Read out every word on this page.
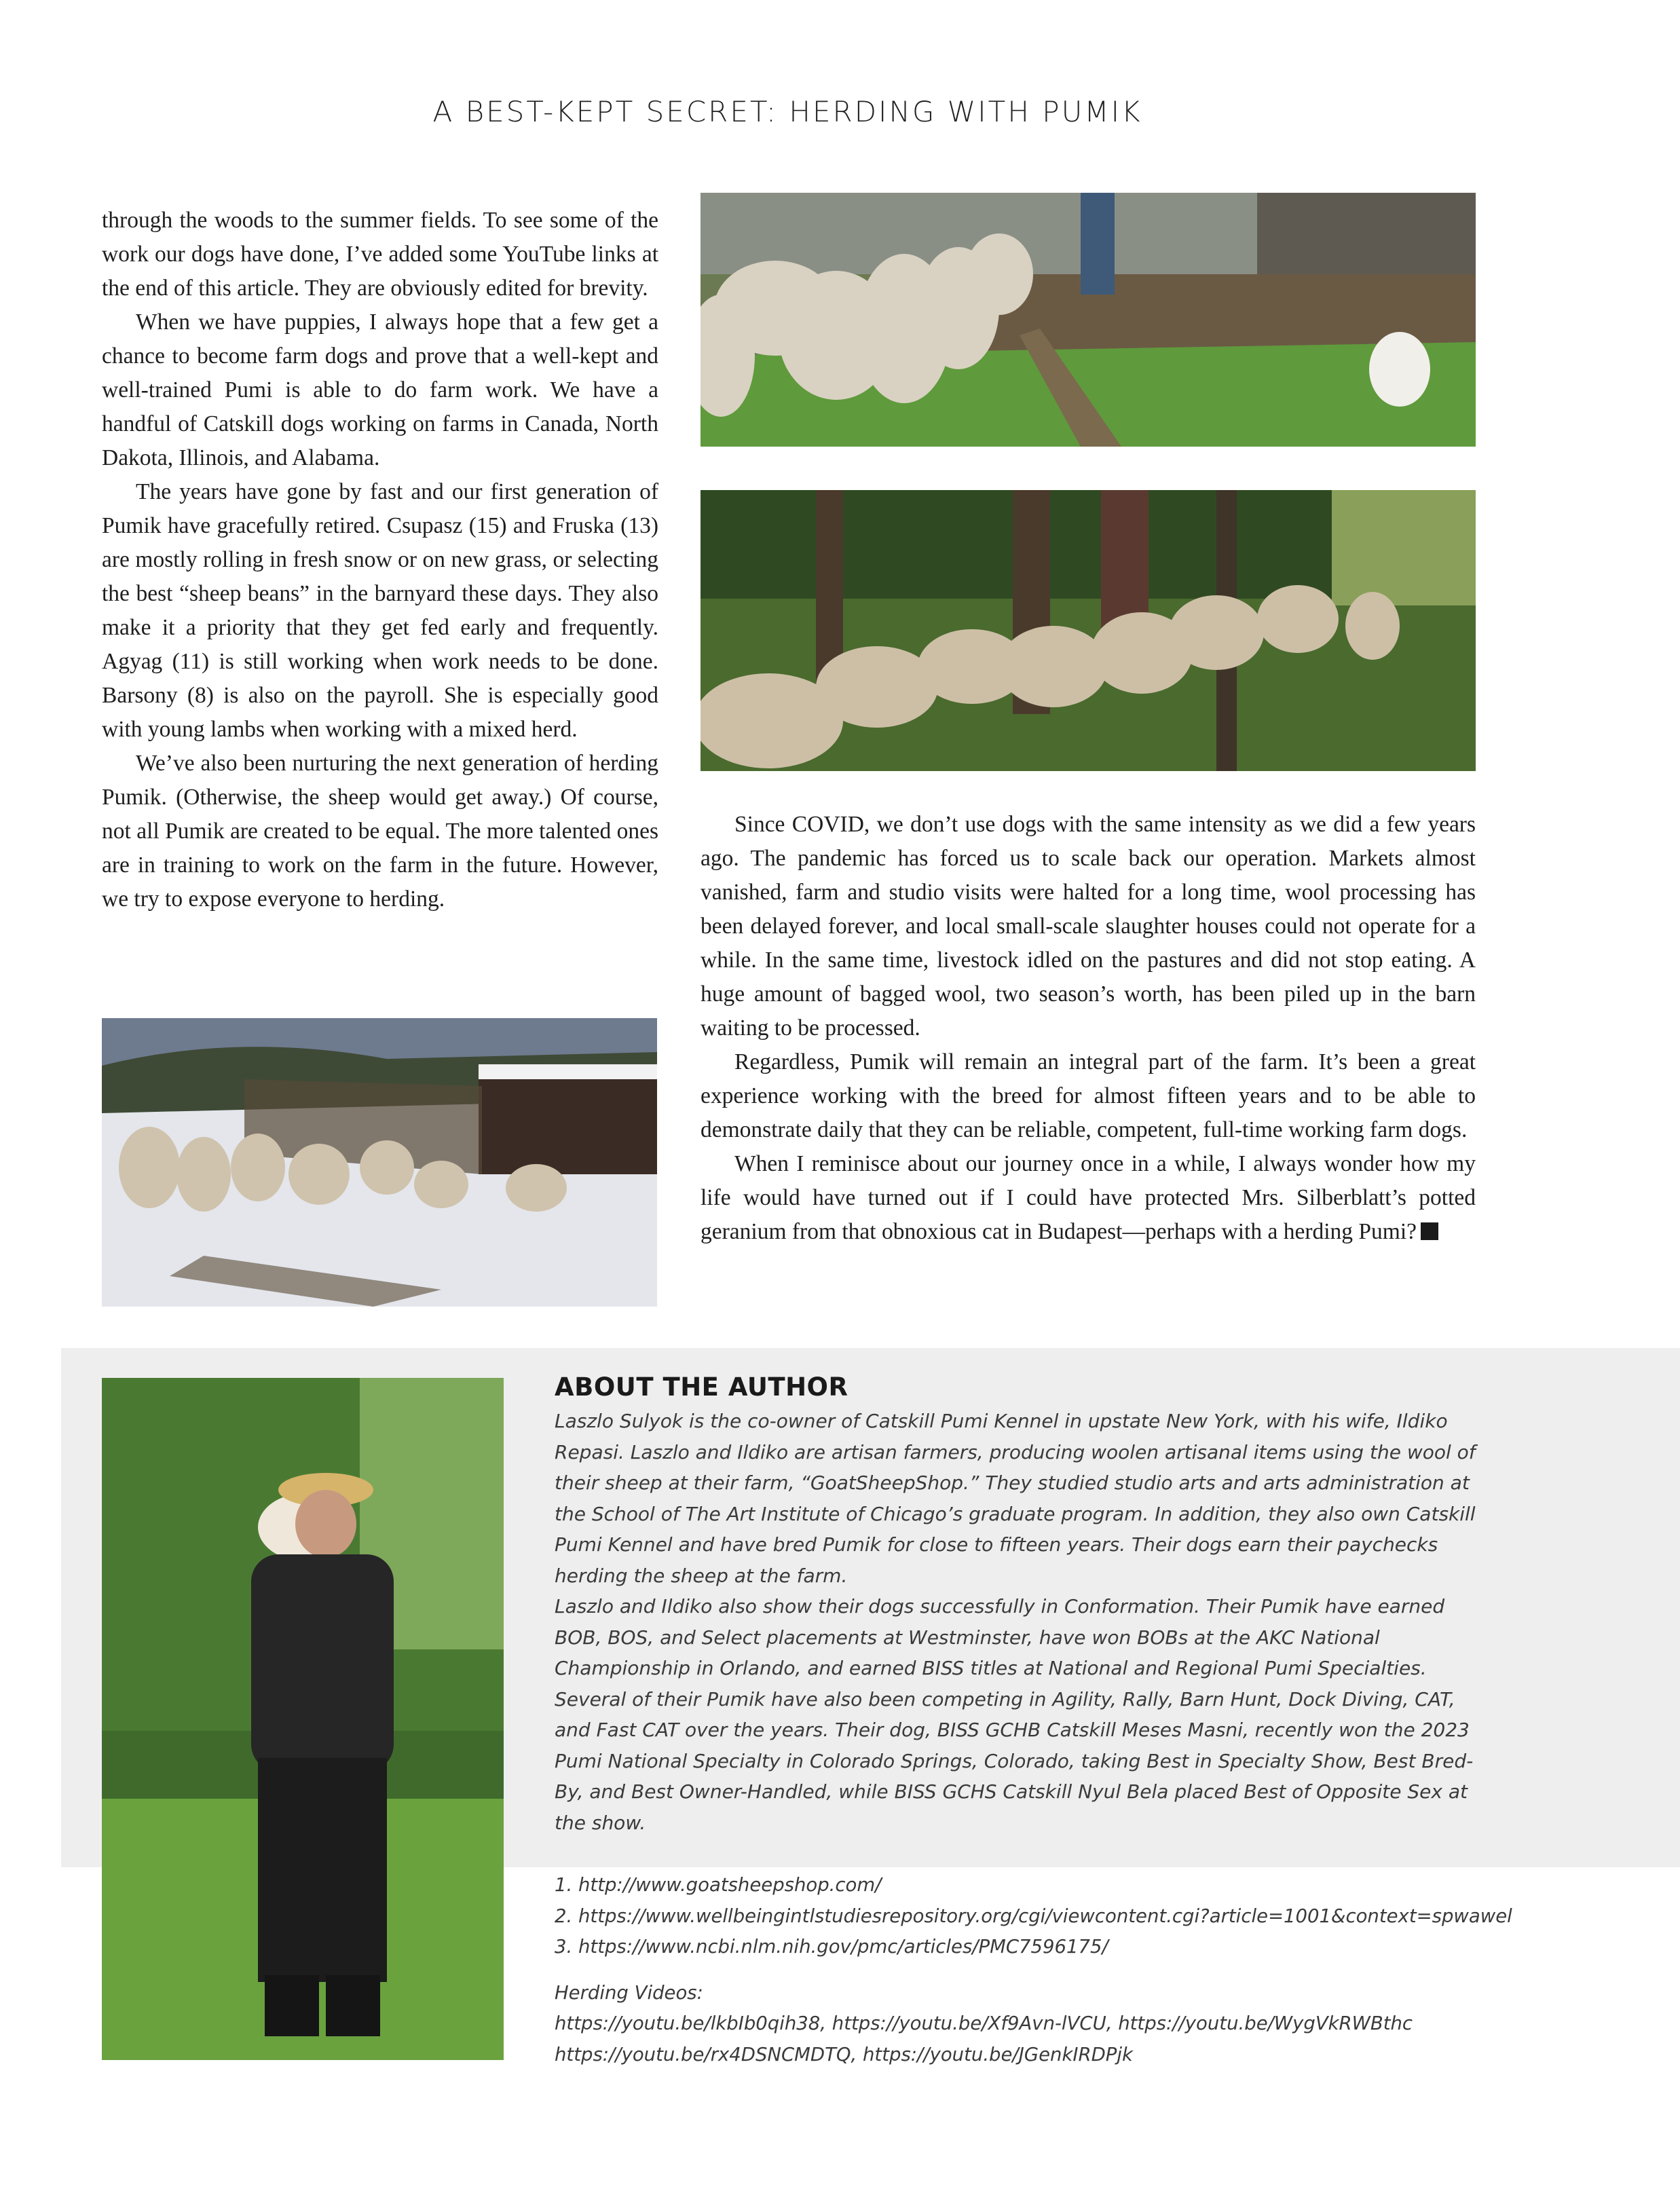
A BEST-KEPT SECRET: HERDING WITH PUMIK

through the woods to the summer fields. To see some of the work our dogs have done, I’ve added some YouTube links at the end of this article. They are obviously edited for brevity.

When we have puppies, I always hope that a few get a chance to become farm dogs and prove that a well-kept and well-trained Pumi is able to do farm work. We have a handful of Catskill dogs working on farms in Canada, North Dakota, Illinois, and Alabama.

The years have gone by fast and our first generation of Pumik have gracefully retired. Csupasz (15) and Fruska (13) are mostly rolling in fresh snow or on new grass, or selecting the best “sheep beans” in the barnyard these days. They also make it a priority that they get fed early and frequently. Agyag (11) is still working when work needs to be done. Barsony (8) is also on the payroll. She is especially good with young lambs when working with a mixed herd.

We’ve also been nurturing the next generation of herding Pumik. (Otherwise, the sheep would get away.) Of course, not all Pumik are created to be equal. The more talented ones are in training to work on the farm in the future. However, we try to expose everyone to herding.

Since COVID, we don’t use dogs with the same intensity as we did a few years ago. The pandemic has forced us to scale back our operation. Markets almost vanished, farm and studio visits were halted for a long time, wool processing has been delayed forever, and local small-scale slaughter houses could not operate for a while. In the same time, livestock idled on the pastures and did not stop eating. A huge amount of bagged wool, two season’s worth, has been piled up in the barn waiting to be processed.

Regardless, Pumik will remain an integral part of the farm. It’s been a great experience working with the breed for almost fifteen years and to be able to demonstrate daily that they can be reliable, competent, full-time working farm dogs.

When I reminisce about our journey once in a while, I always wonder how my life would have turned out if I could have protected Mrs. Silberblatt’s potted geranium from that obnoxious cat in Budapest—perhaps with a herding Pumi?

ABOUT THE AUTHOR

Laszlo Sulyok is the co-owner of Catskill Pumi Kennel in upstate New York, with his wife, Ildiko Repasi. Laszlo and Ildiko are artisan farmers, producing woolen artisanal items using the wool of their sheep at their farm, “GoatSheepShop.” They studied studio arts and arts administration at the School of The Art Institute of Chicago’s graduate program. In addition, they also own Catskill Pumi Kennel and have bred Pumik for close to fifteen years. Their dogs earn their paychecks herding the sheep at the farm.

Laszlo and Ildiko also show their dogs successfully in Conformation. Their Pumik have earned BOB, BOS, and Select placements at Westminster, have won BOBs at the AKC National Championship in Orlando, and earned BISS titles at National and Regional Pumi Specialties. Several of their Pumik have also been competing in Agility, Rally, Barn Hunt, Dock Diving, CAT, and Fast CAT over the years. Their dog, BISS GCHB Catskill Meses Masni, recently won the 2023 Pumi National Specialty in Colorado Springs, Colorado, taking Best in Specialty Show, Best Bred-By, and Best Owner-Handled, while BISS GCHS Catskill Nyul Bela placed Best of Opposite Sex at the show.

1. http://www.goatsheepshop.com/
2. https://www.wellbeingintlstudiesrepository.org/cgi/viewcontent.cgi?article=1001&context=spwawel
3. https://www.ncbi.nlm.nih.gov/pmc/articles/PMC7596175/
Herding Videos:
https://youtu.be/lkbIb0qih38, https://youtu.be/Xf9Avn-lVCU, https://youtu.be/WygVkRWBthc
https://youtu.be/rx4DSNCMDTQ, https://youtu.be/JGenkIRDPjk
